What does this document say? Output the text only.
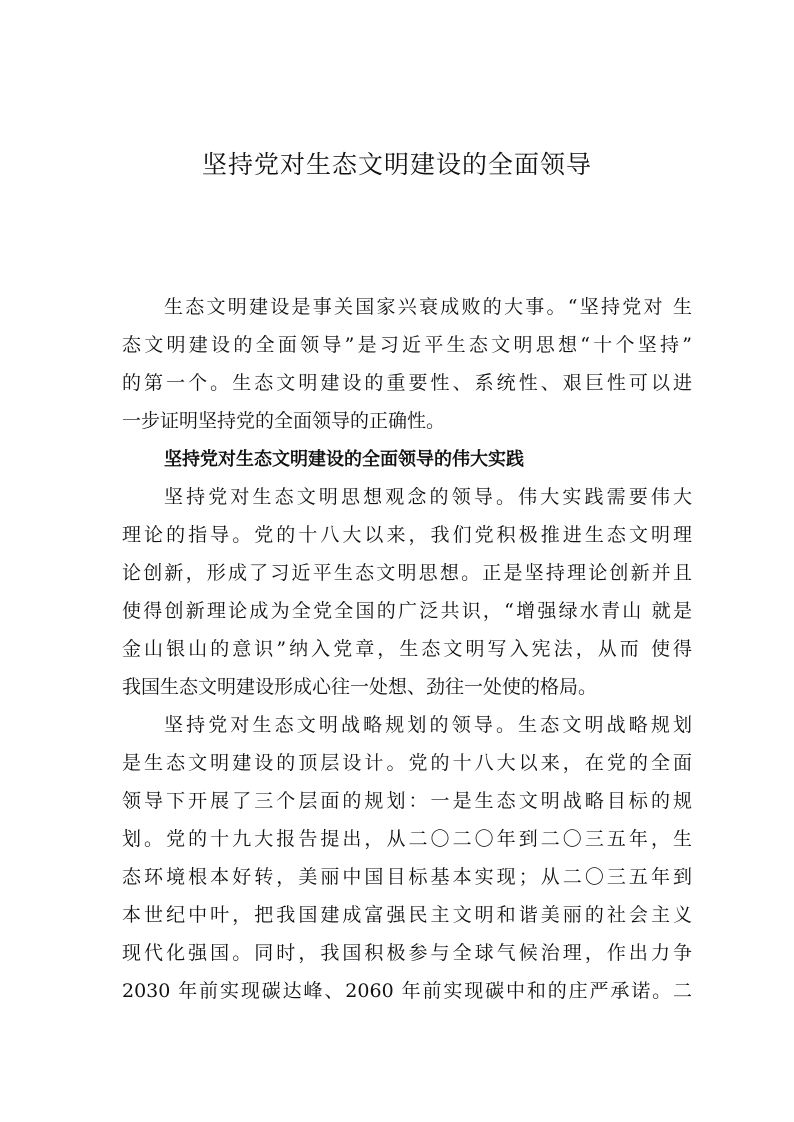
坚持党对生态文明建设的全面领导

生态文明建设是事关国家兴衰成败的大事。“坚持党对 生

态文明建设的全面领导”是习近平生态文明思想“十个坚持”

的第一个。生态文明建设的重要性、系统性、艰巨性可以进

一步证明坚持党的全面领导的正确性。

坚持党对生态文明建设的全面领导的伟大实践

坚持党对生态文明思想观念的领导。伟大实践需要伟大

理论的指导。党的十八大以来，我们党积极推进生态文明理

论创新，形成了习近平生态文明思想。正是坚持理论创新并且

使得创新理论成为全党全国的广泛共识，“增强绿水青山 就是

金山银山的意识”纳入党章，生态文明写入宪法，从而 使得

我国生态文明建设形成心往一处想、劲往一处使的格局。

坚持党对生态文明战略规划的领导。生态文明战略规划

是生态文明建设的顶层设计。党的十八大以来，在党的全面

领导下开展了三个层面的规划：一是生态文明战略目标的规

划。党的十九大报告提出，从二〇二〇年到二〇三五年，生

态环境根本好转，美丽中国目标基本实现；从二〇三五年到

本世纪中叶，把我国建成富强民主文明和谐美丽的社会主义

现代化强国。同时，我国积极参与全球气候治理，作出力争

2030 年前实现碳达峰、2060 年前实现碳中和的庄严承诺。二
